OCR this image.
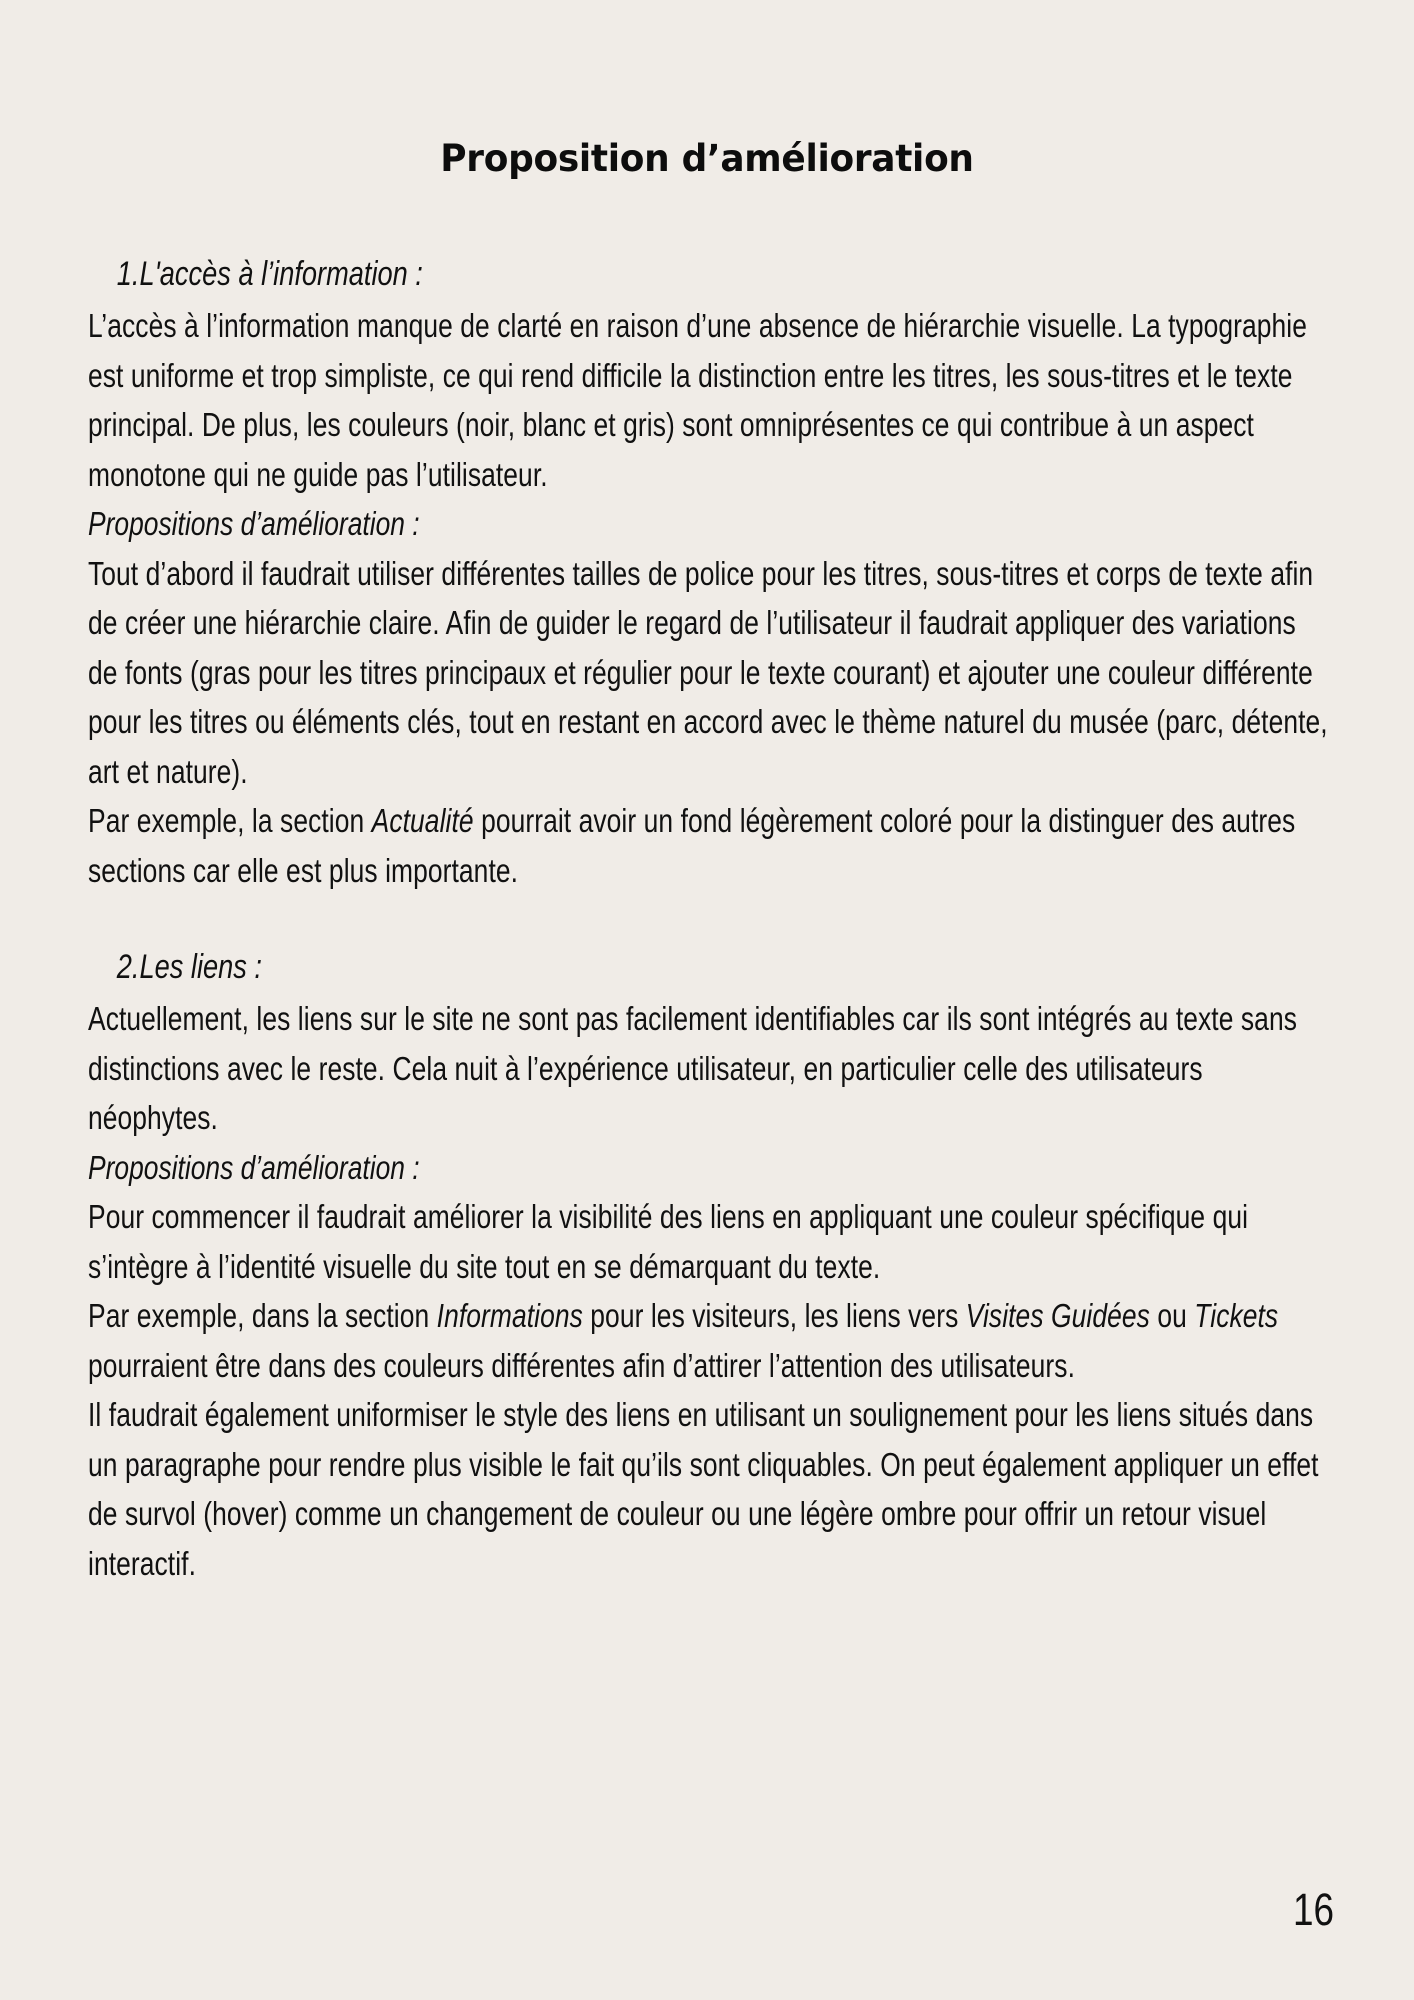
Proposition d’amélioration
1.L'accès à l’information :

L’accès à l’information manque de clarté en raison d’une absence de hiérarchie visuelle. La typographie est uniforme et trop simpliste, ce qui rend difficile la distinction entre les titres, les sous-titres et le texte principal. De plus, les couleurs (noir, blanc et gris) sont omniprésentes ce qui contribue à un aspect monotone qui ne guide pas l’utilisateur.

Propositions d’amélioration :

Tout d’abord il faudrait utiliser différentes tailles de police pour les titres, sous-titres et corps de texte afin de créer une hiérarchie claire. Afin de guider le regard de l’utilisateur il faudrait appliquer des variations de fonts (gras pour les titres principaux et régulier pour le texte courant) et ajouter une couleur différente pour les titres ou éléments clés, tout en restant en accord avec le thème naturel du musée (parc, détente, art et nature).

Par exemple, la section Actualité pourrait avoir un fond légèrement coloré pour la distinguer des autres sections car elle est plus importante.

2.Les liens :

Actuellement, les liens sur le site ne sont pas facilement identifiables car ils sont intégrés au texte sans distinctions avec le reste. Cela nuit à l’expérience utilisateur, en particulier celle des utilisateurs néophytes.

Propositions d’amélioration :

Pour commencer il faudrait améliorer la visibilité des liens en appliquant une couleur spécifique qui s’intègre à l’identité visuelle du site tout en se démarquant du texte.

Par exemple, dans la section Informations pour les visiteurs, les liens vers Visites Guidées ou Tickets pourraient être dans des couleurs différentes afin d’attirer l’attention des utilisateurs.

Il faudrait également uniformiser le style des liens en utilisant un soulignement pour les liens situés dans un paragraphe pour rendre plus visible le fait qu’ils sont cliquables. On peut également appliquer un effet de survol (hover) comme un changement de couleur ou une légère ombre pour offrir un retour visuel interactif.

16
